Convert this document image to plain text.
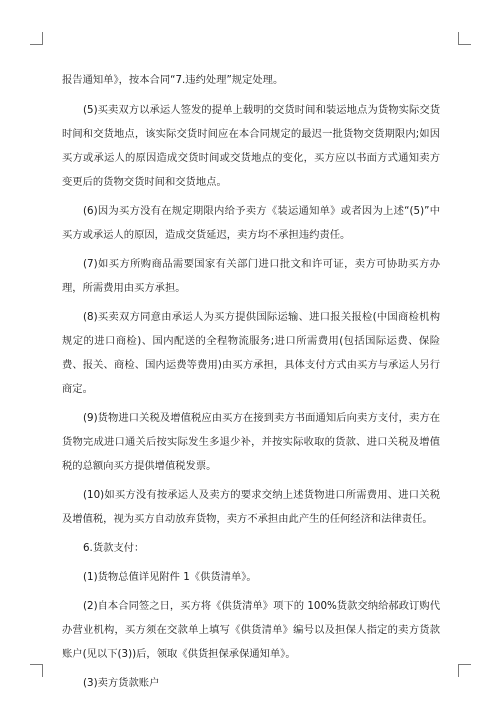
报告通知单》，按本合同“7.违约处理”规定处理。

(5)买卖双方以承运人签发的提单上载明的交货时间和装运地点为货物实际交货时间和交货地点，该实际交货时间应在本合同规定的最迟一批货物交货期限内;如因买方或承运人的原因造成交货时间或交货地点的变化，买方应以书面方式通知卖方变更后的货物交货时间和交货地点。

(6)因为买方没有在规定期限内给予卖方《装运通知单》或者因为上述“(5)”中买方或承运人的原因，造成交货延迟，卖方均不承担违约责任。

(7)如买方所购商品需要国家有关部门进口批文和许可证，卖方可协助买方办理，所需费用由买方承担。

(8)买卖双方同意由承运人为买方提供国际运输、进口报关报检(中国商检机构规定的进口商检)、国内配送的全程物流服务;进口所需费用(包括国际运费、保险费、报关、商检、国内运费等费用)由买方承担，具体支付方式由买方与承运人另行商定。

(9)货物进口关税及增值税应由买方在接到卖方书面通知后向卖方支付，卖方在货物完成进口通关后按实际发生多退少补，并按实际收取的货款、进口关税及增值税的总额向买方提供增值税发票。

(10)如买方没有按承运人及卖方的要求交纳上述货物进口所需费用、进口关税及增值税，视为买方自动放弃货物，卖方不承担由此产生的任何经济和法律责任。

6.货款支付：

(1)货物总值详见附件 1《供货清单》。

(2)自本合同签之日，买方将《供货清单》项下的 100%货款交纳给郝政订购代办营业机构，买方须在交款单上填写《供货清单》编号以及担保人指定的卖方货款账户(见以下(3))后，领取《供货担保承保通知单》。

(3)卖方货款账户
